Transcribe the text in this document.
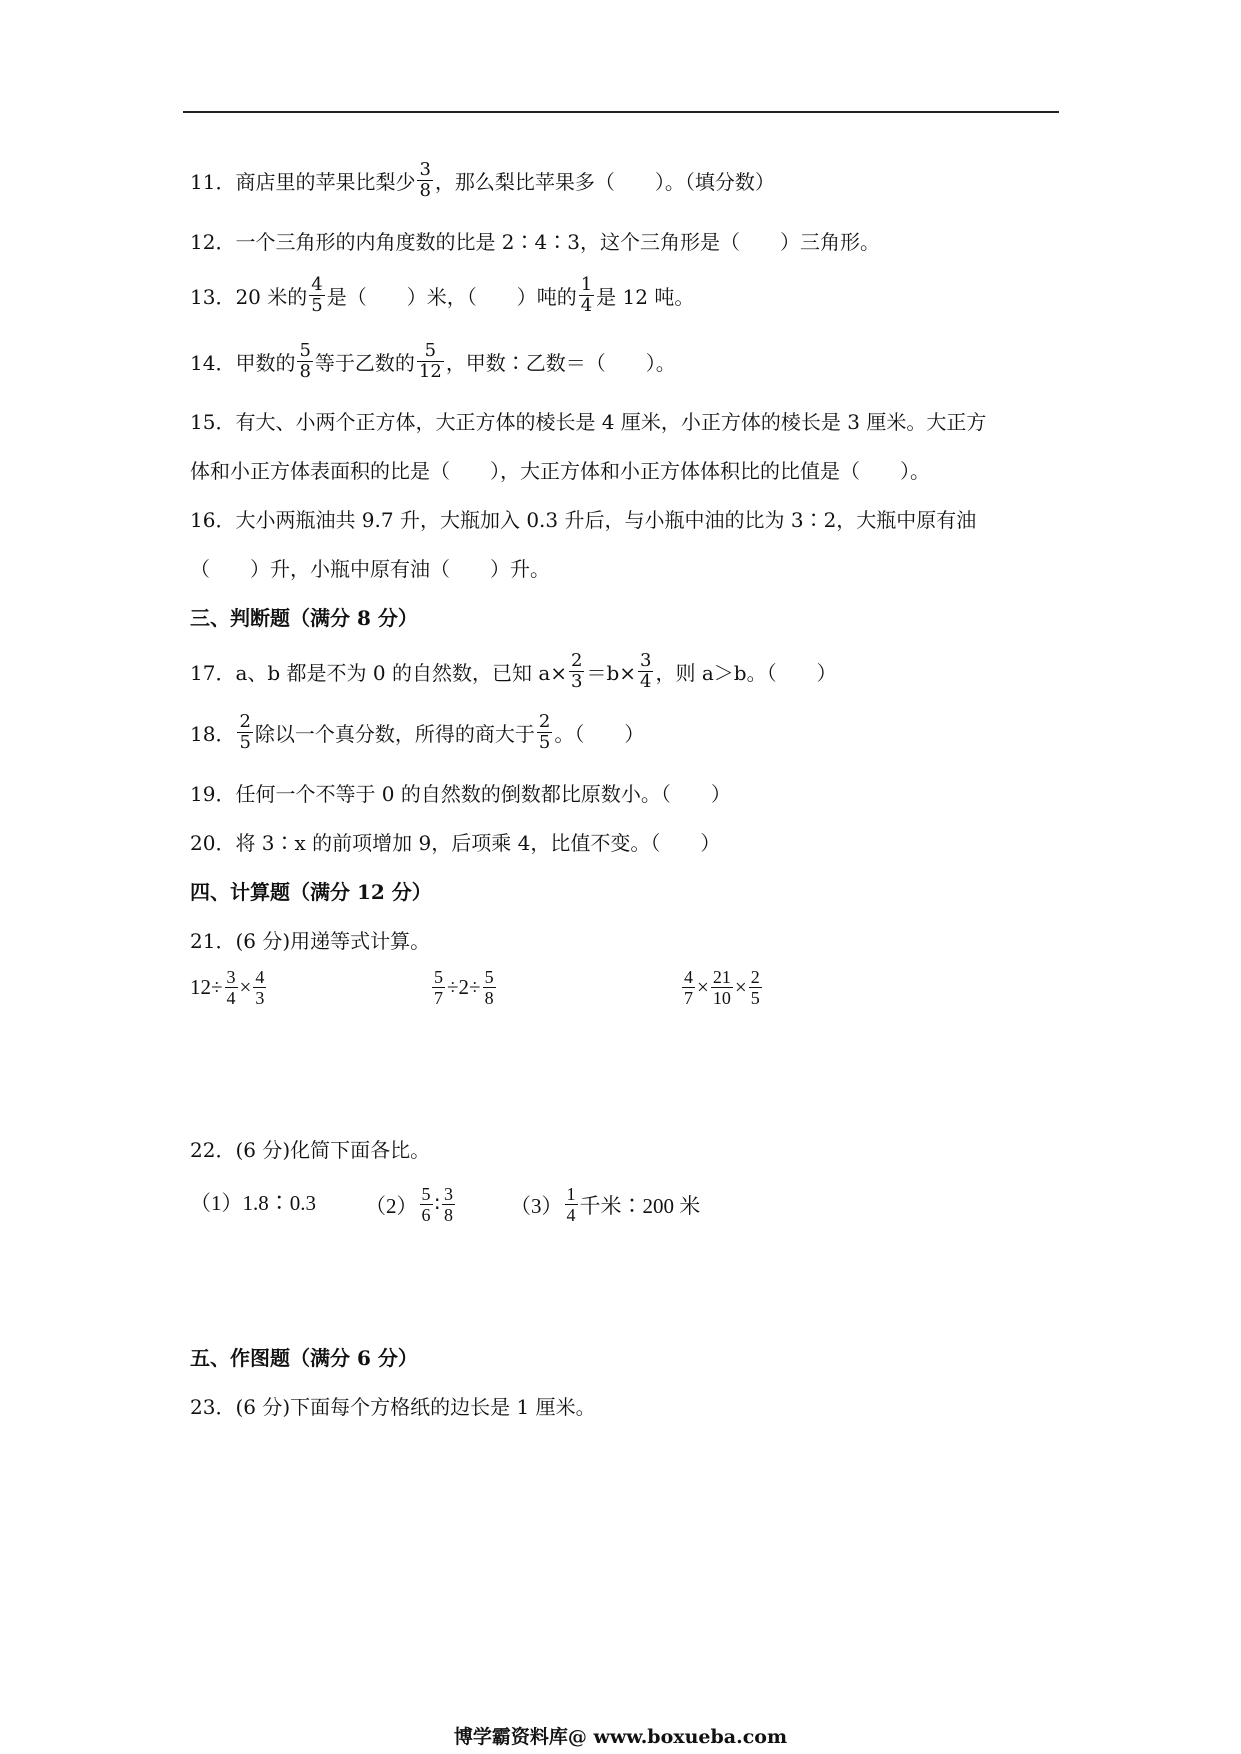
11．商店里的苹果比梨少 $\frac{3}{8}$ ，那么梨比苹果多（　　）。（填分数）
12．一个三角形的内角度数的比是 2∶4∶3，这个三角形是（　　）三角形。
13．20 米的 $\frac{4}{5}$ 是（　　）米，（　　）吨的 $\frac{1}{4}$ 是 12 吨。
14．甲数的 $\frac{5}{8}$ 等于乙数的 $\frac{5}{12}$ ，甲数∶乙数＝（　　）。
15．有大、小两个正方体，大正方体的棱长是 4 厘米，小正方体的棱长是 3 厘米。大正方
体和小正方体表面积的比是（　　），大正方体和小正方体体积比的比值是（　　）。
16．大小两瓶油共 9.7 升，大瓶加入 0.3 升后，与小瓶中油的比为 3∶2，大瓶中原有油
（　　）升，小瓶中原有油（　　）升。
三、判断题（满分 8 分）
17．a、b 都是不为 0 的自然数，已知 $a\times \frac{2}{3} =b\times \frac{3}{4}$ ，则 a＞b。（　　）
18． $\frac{2}{5}$ 除以一个真分数，所得的商大于 $\frac{2}{5}$ 。（　　）
19．任何一个不等于 0 的自然数的倒数都比原数小。（　　）
20．将 3∶x 的前项增加 9，后项乘 4，比值不变。（　　）
四、计算题（满分 12 分）
21．(6 分)用递等式计算。
$12\div \frac{3}{4} \times \frac{4}{3}$	$\frac{5}{7} \div 2\div \frac{5}{8}$	$\frac{4}{7} \times \frac{21}{10} \times \frac{2}{5}$
22．(6 分)化简下面各比。
（1）1.8∶0.3 $(2) \frac{5}{6}$ ∶ $\frac{3}{8}$	$(3) \frac{1}{4}$ 千米∶200 米
五、作图题（满分 6 分）
23．(6 分)下面每个方格纸的边长是 1 厘米。
博学霸资料库@ www.boxueba.com
